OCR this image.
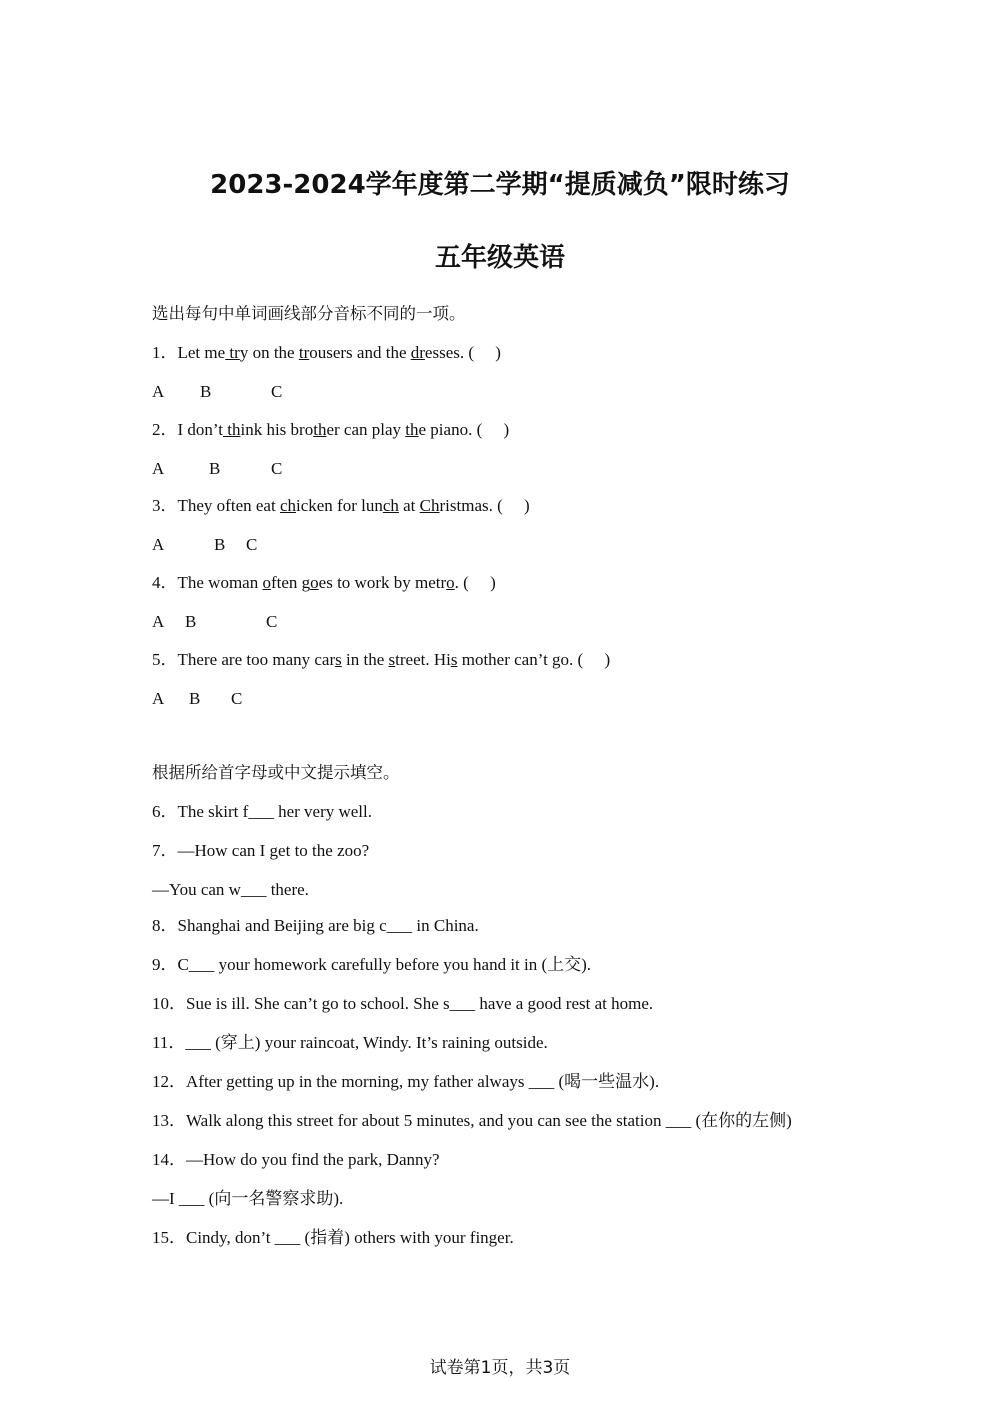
2023-2024学年度第二学期“提质减负”限时练习
五年级英语
选出每句中单词画线部分音标不同的一项。
1．Let me try on the trousers and the dresses. (     )
A B	C
2．I don’t think his brother can play the piano. (     )
A	B	C
3．They often eat chicken for lunch at Christmas. (     )
A	B C
4．The woman often goes to work by metro. (     )
A B	C
5．There are too many cars in the street. His mother can’t go. (     )
A B C
根据所给首字母或中文提示填空。
6．The skirt f___ her very well.
7．—How can I get to the zoo?
—You can w___ there.
8．Shanghai and Beijing are big c___ in China.
9．C___ your homework carefully before you hand it in (上交).
10．Sue is ill. She can’t go to school. She s___ have a good rest at home.
11．___ (穿上) your raincoat, Windy. It’s raining outside.
12．After getting up in the morning, my father always ___ (喝一些温水).
13．Walk along this street for about 5 minutes, and you can see the station ___ (在你的左侧)
14．—How do you find the park, Danny?
—I ___ (向一名警察求助).
15．Cindy, don’t ___ (指着) others with your finger.
试卷第1页，共3页
